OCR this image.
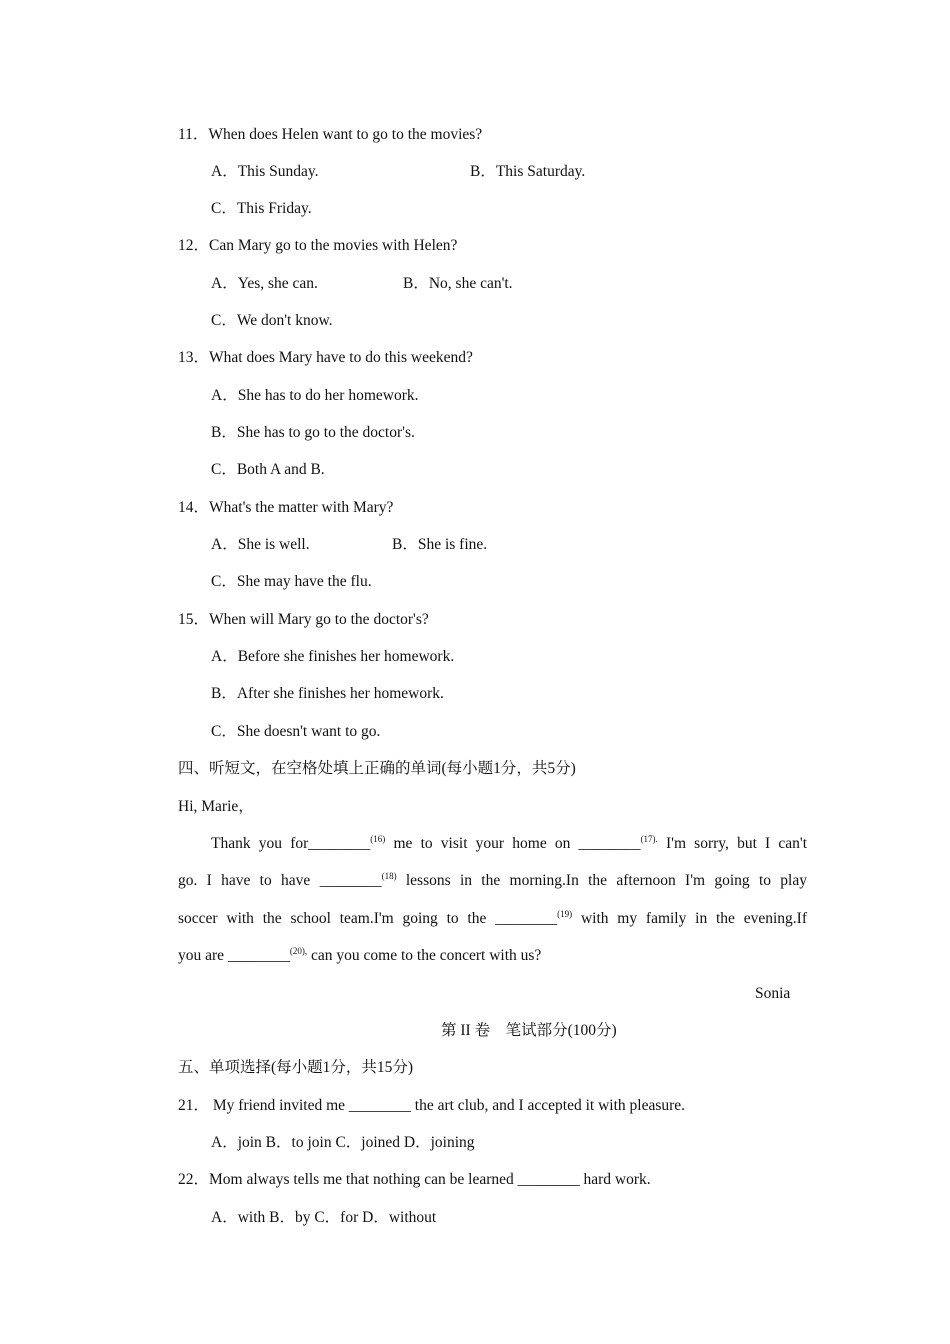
11．When does Helen want to go to the movies?
A．This Sunday.	B．This Saturday.
C．This Friday.
12．Can Mary go to the movies with Helen?
A．Yes, she can.	B．No, she can't.
C．We don't know.
13．What does Mary have to do this weekend?
A．She has to do her homework.
B．She has to go to the doctor's.
C．Both A and B.
14．What's the matter with Mary?
A．She is well.	B．She is fine.
C．She may have the flu.
15．When will Mary go to the doctor's?
A．Before she finishes her homework.
B．After she finishes her homework.
C．She doesn't want to go.
四、听短文，在空格处填上正确的单词(每小题1分，共5分)
Hi, Marie，
Thank you for________$^{(16)}$ me to visit your home on ________$^{(17).}$ I'm sorry, but I can't
go. I have to have ________$^{(18)}$ lessons in the morning.In the afternoon I'm going to play
soccer with the school team.I'm going to the ________$^{(19)}$ with my family in the evening.If
you are ________$^{(20),}$ can you come to the concert with us?
Sonia
第 II 卷　笔试部分(100分)
五、单项选择(每小题1分，共15分)
21． My friend invited me ________ the art club, and I accepted it with pleasure.
A．join B．to join C．joined D．joining
22．Mom always tells me that nothing can be learned ________ hard work.
A．with B．by C．for D．without
